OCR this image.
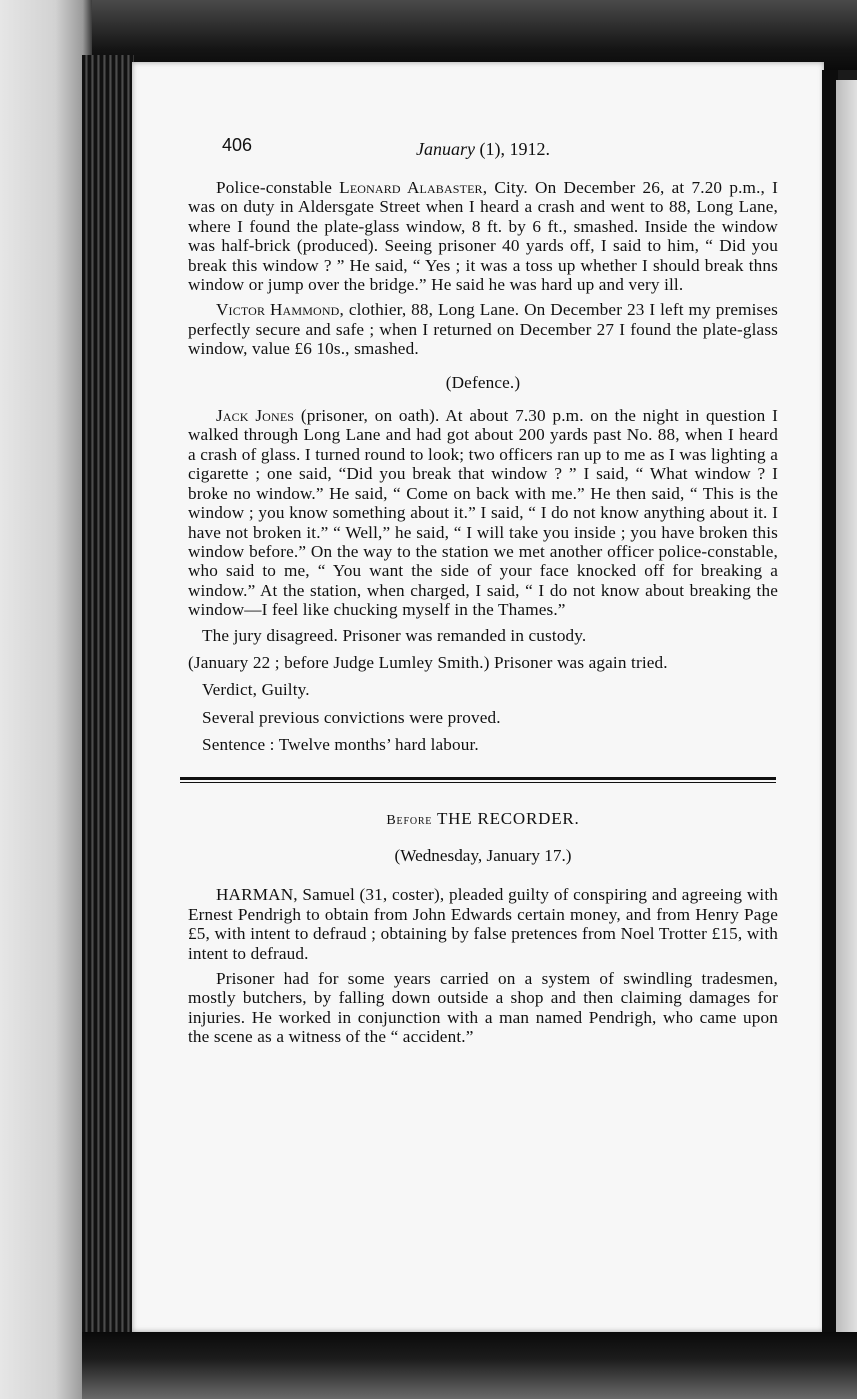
406	January (1), 1912.

Police-constable Leonard Alabaster, City. On December 26, at 7.20 p.m., I was on duty in Aldersgate Street when I heard a crash and went to 88, Long Lane, where I found the plate-glass window, 8 ft. by 6 ft., smashed. Inside the window was half-brick (produced). Seeing prisoner 40 yards off, I said to him, “ Did you break this window ? ” He said, “ Yes ; it was a toss up whether I should break thns window or jump over the bridge.” He said he was hard up and very ill.

Victor Hammond, clothier, 88, Long Lane. On December 23 I left my premises perfectly secure and safe ; when I returned on December 27 I found the plate-glass window, value £6 10s., smashed.

(Defence.)

Jack Jones (prisoner, on oath). At about 7.30 p.m. on the night in question I walked through Long Lane and had got about 200 yards past No. 88, when I heard a crash of glass. I turned round to look; two officers ran up to me as I was lighting a cigarette ; one said, “Did you break that window ? ” I said, “ What window ? I broke no window.” He said, “ Come on back with me.” He then said, “ This is the window ; you know something about it.” I said, “ I do not know anything about it. I have not broken it.” “ Well,” he said, “ I will take you inside ; you have broken this window before.” On the way to the station we met another officer police-constable, who said to me, “ You want the side of your face knocked off for breaking a window.” At the station, when charged, I said, “ I do not know about breaking the window—I feel like chucking myself in the Thames.”

The jury disagreed. Prisoner was remanded in custody.

(January 22 ; before Judge Lumley Smith.) Prisoner was again tried.

Verdict, Guilty.

Several previous convictions were proved.

Sentence : Twelve months’ hard labour.

Before THE RECORDER.
(Wednesday, January 17.)

HARMAN, Samuel (31, coster), pleaded guilty of conspiring and agreeing with Ernest Pendrigh to obtain from John Edwards certain money, and from Henry Page £5, with intent to defraud ; obtaining by false pretences from Noel Trotter £15, with intent to defraud.

Prisoner had for some years carried on a system of swindling tradesmen, mostly butchers, by falling down outside a shop and then claiming damages for injuries. He worked in conjunction with a man named Pendrigh, who came upon the scene as a witness of the “ accident.”
